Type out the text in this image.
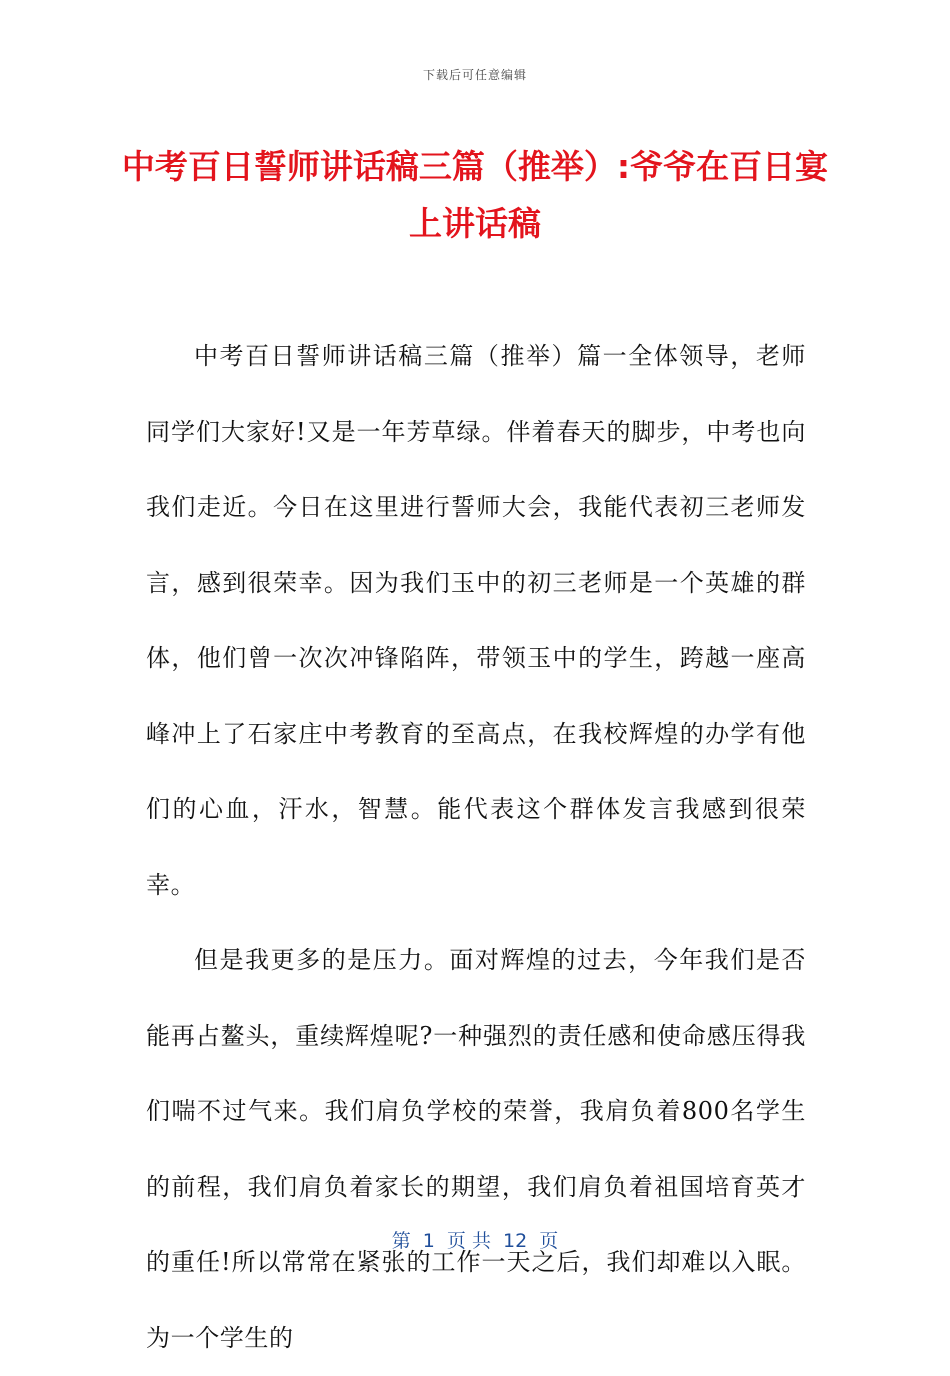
下载后可任意编辑
中考百日誓师讲话稿三篇（推举）:爷爷在百日宴上讲话稿

中考百日誓师讲话稿三篇（推举）篇一全体领导，老师同学们大家好!又是一年芳草绿。伴着春天的脚步，中考也向我们走近。今日在这里进行誓师大会，我能代表初三老师发言，感到很荣幸。因为我们玉中的初三老师是一个英雄的群体，他们曾一次次冲锋陷阵，带领玉中的学生，跨越一座高峰冲上了石家庄中考教育的至高点，在我校辉煌的办学有他们的心血，汗水，智慧。能代表这个群体发言我感到很荣幸。

但是我更多的是压力。面对辉煌的过去，今年我们是否能再占鳌头，重续辉煌呢?一种强烈的责任感和使命感压得我们喘不过气来。我们肩负学校的荣誉，我肩负着800名学生的前程，我们肩负着家长的期望，我们肩负着祖国培育英才的重任!所以常常在紧张的工作一天之后，我们却难以入眠。为一个学生的

第  1  页 共  12  页
